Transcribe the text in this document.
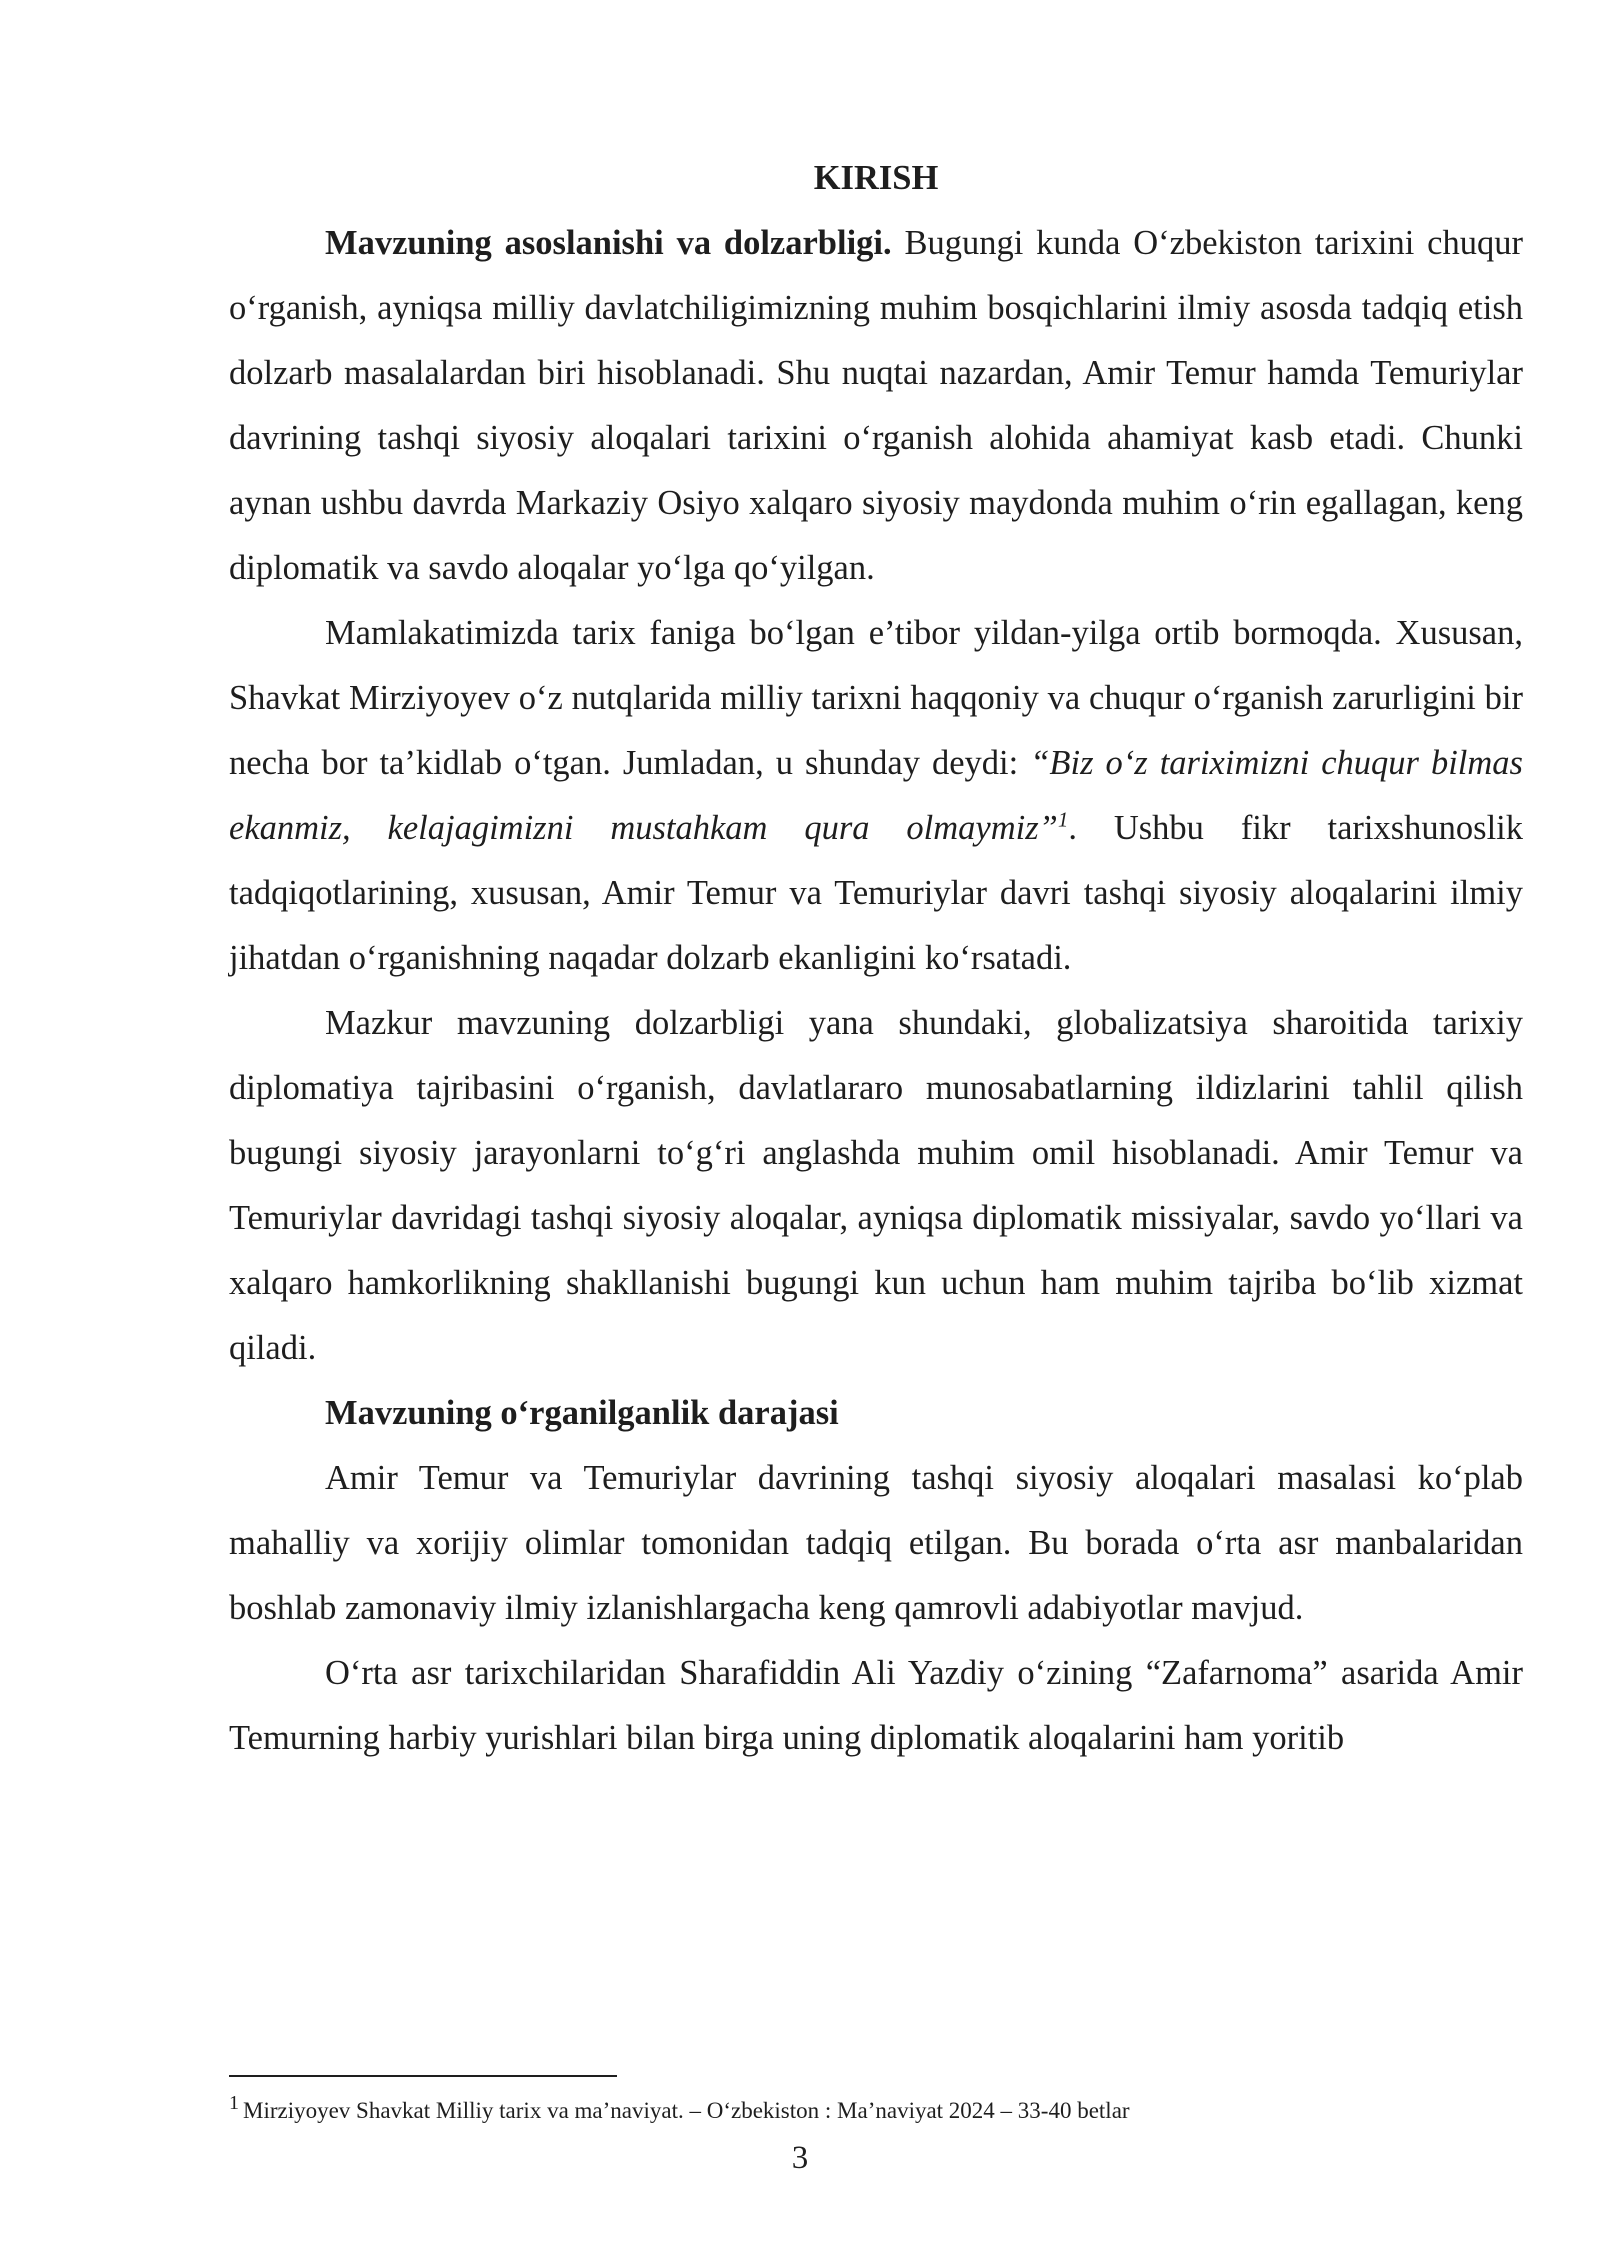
KIRISH

Mavzuning asoslanishi va dolzarbligi. Bugungi kunda O‘zbekiston tarixini chuqur o‘rganish, ayniqsa milliy davlatchiligimizning muhim bosqichlarini ilmiy asosda tadqiq etish dolzarb masalalardan biri hisoblanadi. Shu nuqtai nazardan, Amir Temur hamda Temuriylar davrining tashqi siyosiy aloqalari tarixini o‘rganish alohida ahamiyat kasb etadi. Chunki aynan ushbu davrda Markaziy Osiyo xalqaro siyosiy maydonda muhim o‘rin egallagan, keng diplomatik va savdo aloqalar yo‘lga qo‘yilgan.

Mamlakatimizda tarix faniga bo‘lgan e’tibor yildan-yilga ortib bormoqda. Xususan, Shavkat Mirziyoyev o‘z nutqlarida milliy tarixni haqqoniy va chuqur o‘rganish zarurligini bir necha bor ta’kidlab o‘tgan. Jumladan, u shunday deydi: “Biz o‘z tariximizni chuqur bilmas ekanmiz, kelajagimizni mustahkam qura olmaymiz”$^1$. Ushbu fikr tarixshunoslik tadqiqotlarining, xususan, Amir Temur va Temuriylar davri tashqi siyosiy aloqalarini ilmiy jihatdan o‘rganishning naqadar dolzarb ekanligini ko‘rsatadi.

Mazkur mavzuning dolzarbligi yana shundaki, globalizatsiya sharoitida tarixiy diplomatiya tajribasini o‘rganish, davlatlararo munosabatlarning ildizlarini tahlil qilish bugungi siyosiy jarayonlarni to‘g‘ri anglashda muhim omil hisoblanadi. Amir Temur va Temuriylar davridagi tashqi siyosiy aloqalar, ayniqsa diplomatik missiyalar, savdo yo‘llari va xalqaro hamkorlikning shakllanishi bugungi kun uchun ham muhim tajriba bo‘lib xizmat qiladi.

Mavzuning o‘rganilganlik darajasi

Amir Temur va Temuriylar davrining tashqi siyosiy aloqalari masalasi ko‘plab mahalliy va xorijiy olimlar tomonidan tadqiq etilgan. Bu borada o‘rta asr manbalaridan boshlab zamonaviy ilmiy izlanishlargacha keng qamrovli adabiyotlar mavjud.

O‘rta asr tarixchilaridan Sharafiddin Ali Yazdiy o‘zining “Zafarnoma” asarida Amir Temurning harbiy yurishlari bilan birga uning diplomatik aloqalarini ham yoritib

1 Mirziyoyev Shavkat Milliy tarix va ma’naviyat. – O‘zbekiston : Ma’naviyat 2024 – 33-40 betlar
3
